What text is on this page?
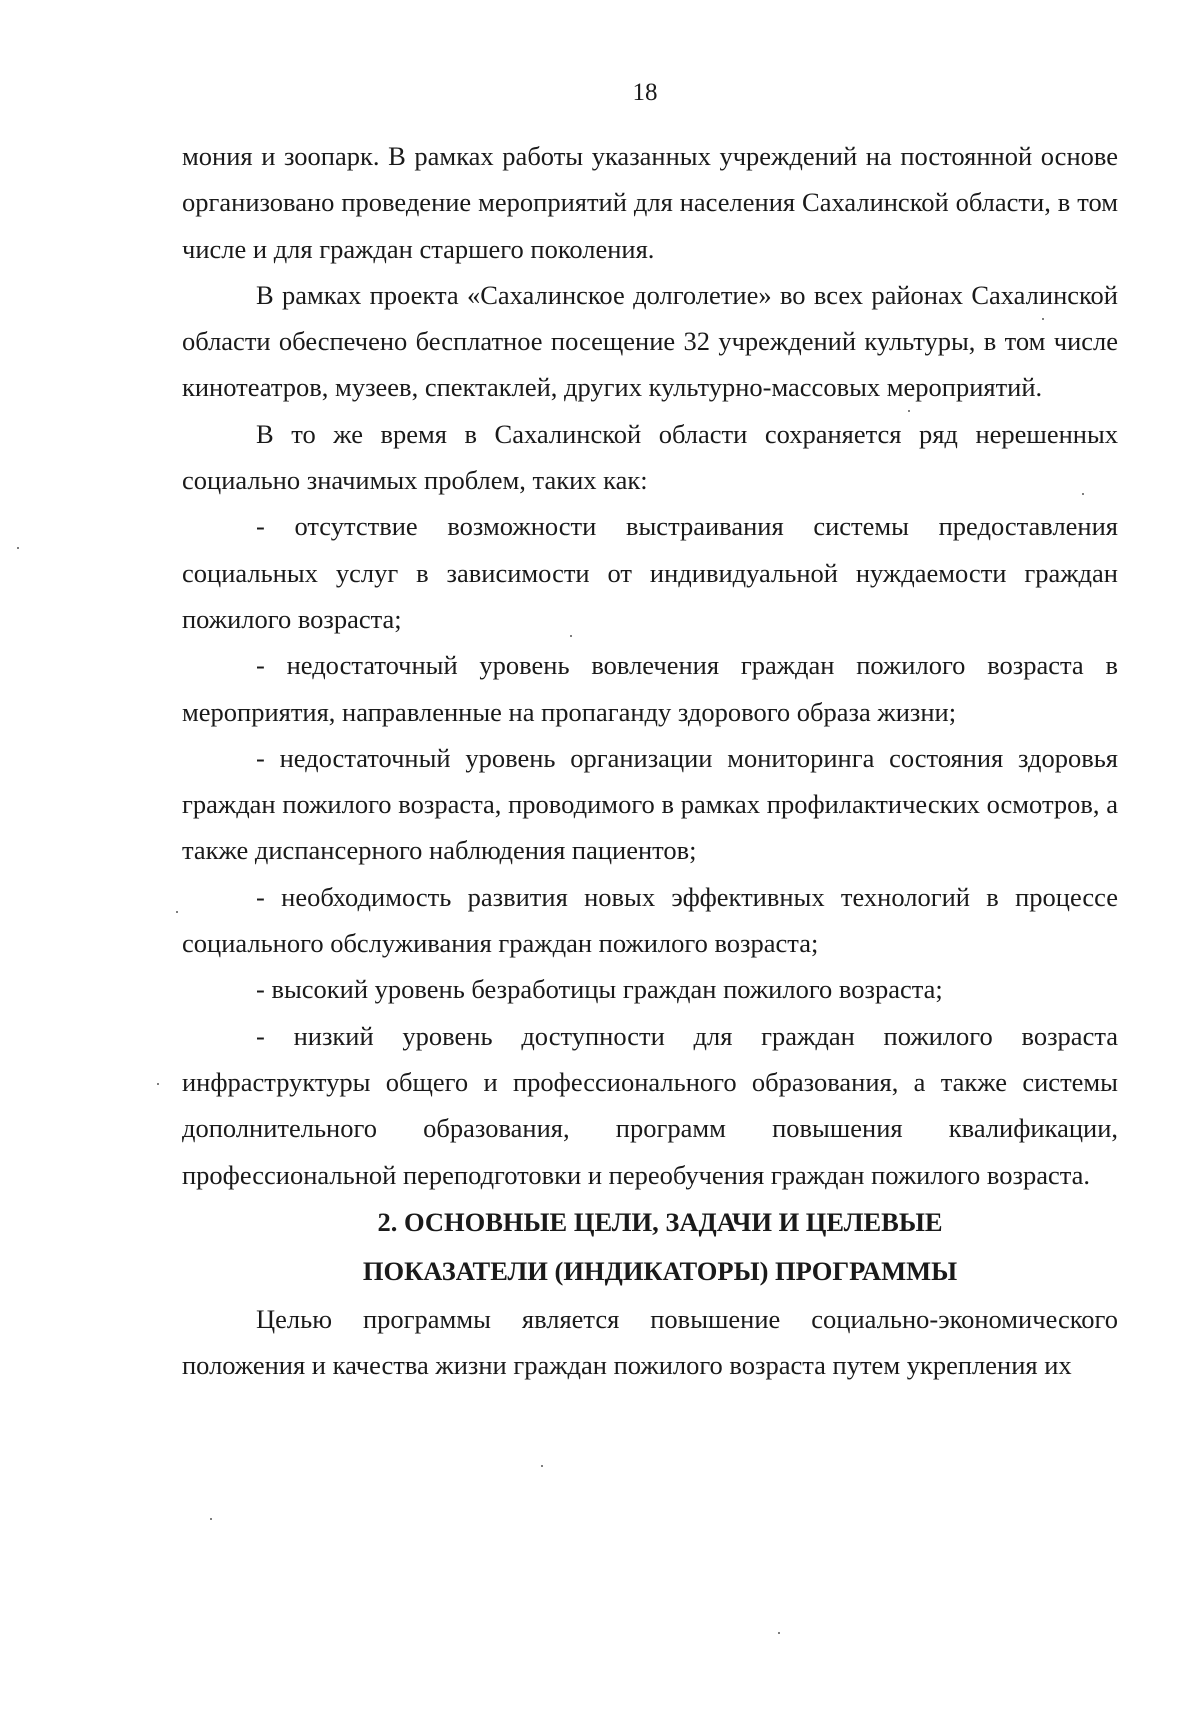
18

мония и зоопарк. В рамках работы указанных учреждений на постоянной основе организовано проведение мероприятий для населения Сахалинской области, в том числе и для граждан старшего поколения.

В рамках проекта «Сахалинское долголетие» во всех районах Сахалинской области обеспечено бесплатное посещение 32 учреждений культуры, в том числе кинотеатров, музеев, спектаклей, других культурно-массовых мероприятий.

В то же время в Сахалинской области сохраняется ряд нерешенных социально значимых проблем, таких как:

- отсутствие возможности выстраивания системы предоставления социальных услуг в зависимости от индивидуальной нуждаемости граждан пожилого возраста;

- недостаточный уровень вовлечения граждан пожилого возраста в мероприятия, направленные на пропаганду здорового образа жизни;

- недостаточный уровень организации мониторинга состояния здоровья граждан пожилого возраста, проводимого в рамках профилактических осмотров, а также диспансерного наблюдения пациентов;

- необходимость развития новых эффективных технологий в процессе социального обслуживания граждан пожилого возраста;

- высокий уровень безработицы граждан пожилого возраста;

- низкий уровень доступности для граждан пожилого возраста инфраструктуры общего и профессионального образования, а также системы дополнительного образования, программ повышения квалификации, профессиональной переподготовки и переобучения граждан пожилого возраста.

2. ОСНОВНЫЕ ЦЕЛИ, ЗАДАЧИ И ЦЕЛЕВЫЕ
ПОКАЗАТЕЛИ (ИНДИКАТОРЫ) ПРОГРАММЫ

Целью программы является повышение социально-экономического положения и качества жизни граждан пожилого возраста путем укрепления их
